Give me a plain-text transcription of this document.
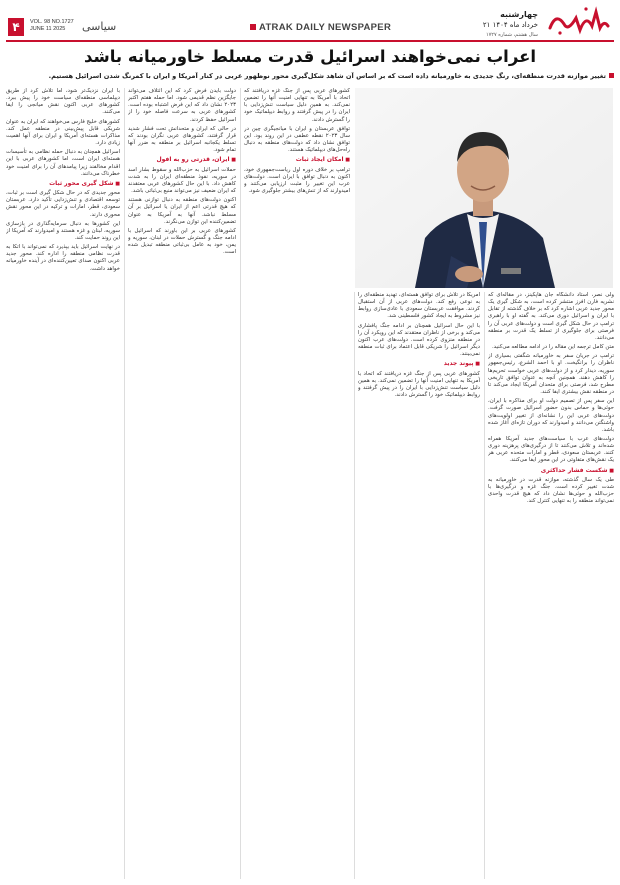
۴	VOL. 98 NO.1727
JUNE 11 2025	سیاسی	ATRAK DAILY NEWSPAPER
چهارشنبه
۲۱ خرداد ماه ۱۴۰۴
سال هشتم، شماره ۱۷۲۷
اعراب نمی‌خواهند اسرائیل قدرت مسلط خاورمیانه باشد
تغییر موازنه قدرت منطقه‌ای، رنگ جدیدی به خاورمیانه داده است که بر اساس آن شاهد شکل‌گیری محور نوظهور عربی در کنار آمریکا و ایران با کمرنگ شدن اسرائیل هستیم.

با ایران نزدیک‌تر شود، اما تلاش کرد از طریق دیپلماسی منطقه‌ای سیاست خود را پیش ببرد. کشورهای عربی اکنون نقش میانجی را ایفا می‌کنند.

کشورهای خلیج فارس می‌خواهند که ایران به عنوان شریکی قابل پیش‌بینی در منطقه عمل کند. مذاکرات هسته‌ای آمریکا و ایران برای آنها اهمیت زیادی دارد.

اسرائیل همچنان به دنبال حمله نظامی به تأسیسات هسته‌ای ایران است، اما کشورهای عربی با این اقدام مخالفند زیرا پیامدهای آن را برای امنیت خود خطرناک می‌دانند.

■ شکل گیری محور ثبات

محور جدیدی که در حال شکل گیری است بر ثبات، توسعه اقتصادی و تنش‌زدایی تأکید دارد. عربستان سعودی، قطر، امارات و ترکیه در این محور نقش محوری دارند.

این کشورها به دنبال سرمایه‌گذاری در بازسازی سوریه، لبنان و غزه هستند و امیدوارند که آمریکا از این روند حمایت کند.

در نهایت اسرائیل باید بپذیرد که نمی‌تواند با اتکا به قدرت نظامی منطقه را اداره کند. محور جدید عربی اکنون صدای تعیین‌کننده‌ای در آینده خاورمیانه خواهد داشت.

دولت بایدن فرض کرد که این ائتلاف می‌تواند جایگزین نظم قدیمی شود. اما حمله هفتم اکتبر ۲۰۲۳ نشان داد که این فرض اشتباه بوده است. کشورهای عربی به سرعت فاصله خود را از اسرائیل حفظ کردند.

در حالی که ایران و متحدانش تحت فشار شدید قرار گرفتند، کشورهای عربی نگران بودند که تسلط یکجانبه اسرائیل بر منطقه به ضرر آنها تمام شود.

■ ایران، قدرتی رو به افول

حملات اسرائیل به حزب‌الله و سقوط بشار اسد در سوریه، نفوذ منطقه‌ای ایران را به شدت کاهش داد. با این حال کشورهای عربی معتقدند که ایران ضعیف نیز می‌تواند منبع بی‌ثباتی باشد.

اکنون دولت‌های منطقه به دنبال توازنی هستند که هیچ قدرتی اعم از ایران یا اسرائیل بر آن مسلط نباشد. آنها به آمریکا به عنوان تضمین‌کننده این توازن می‌نگرند.

کشورهای عربی بر این باورند که اسرائیل با ادامه جنگ و گسترش حملات در لبنان، سوریه و یمن، خود به عامل بی‌ثباتی منطقه تبدیل شده است.

کشورهای عربی پس از جنگ غزه دریافتند که اتحاد با آمریکا به تنهایی امنیت آنها را تضمین نمی‌کند. به همین دلیل سیاست تنش‌زدایی با ایران را در پیش گرفتند و روابط دیپلماتیک خود را گسترش دادند.

توافق عربستان و ایران با میانجیگری چین در سال ۲۰۲۳ نقطه عطفی در این روند بود. این توافق نشان داد که دولت‌های منطقه به دنبال راه‌حل‌های دیپلماتیک هستند.

■ امکان ایجاد ثبات

ترامپ بر خلاف دوره اول ریاست‌جمهوری خود، اکنون به دنبال توافق با ایران است. دولت‌های عرب این تغییر را مثبت ارزیابی می‌کنند و امیدوارند که از تنش‌های بیشتر جلوگیری شود.

آمریکا در تلاش برای توافق هسته‌ای، تهدید منطقه‌ای را به نوعی رفع کند. دولت‌های عربی از آن استقبال کردند. موافقت عربستان سعودی با عادی‌سازی روابط نیز مشروط به ایجاد کشور فلسطینی شد.

با این حال اسرائیل همچنان بر ادامه جنگ پافشاری می‌کند و برخی از ناظران معتقدند که این رویکرد آن را در منطقه منزوی کرده است. دولت‌های عرب اکنون دیگر اسرائیل را شریکی قابل اعتماد برای ثبات منطقه نمی‌بینند.

■ پیوند جدید

کشورهای عربی پس از جنگ غزه دریافتند که اتحاد با آمریکا به تنهایی امنیت آنها را تضمین نمی‌کند. به همین دلیل سیاست تنش‌زدایی با ایران را در پیش گرفتند و روابط دیپلماتیک خود را گسترش دادند.

ولی نصر، استاد دانشگاه جان هاپکینز، در مقاله‌ای که نشریه فارن افرز منتشر کرده است، به شکل گیری یک محور جدید عربی اشاره کرد که بر خلاف گذشته از تقابل با ایران و اسرائیل دوری می‌کند. به گفته او با راهبری ترامپ در حال شکل گیری است و دولت‌های عربی آن را فرصتی برای جلوگیری از تسلط یک قدرت بر منطقه می‌دانند.

متن کامل ترجمه این مقاله را در ادامه مطالعه می‌کنید.

ترامپ در جریان سفر به خاورمیانه شگفتی بسیاری از ناظران را برانگیخت. او با احمد الشرع، رئیس‌جمهور سوریه، دیدار کرد و از دولت‌های عربی خواست تحریم‌ها را کاهش دهند. همچنین آنچه به عنوان توافق تاریخی مطرح شد، فرصتی برای متحدان آمریکا ایجاد می‌کند تا در منطقه نقش بیشتری ایفا کنند.

این سفر پس از تصمیم دولت او برای مذاکره با ایران، حوثی‌ها و حماس بدون حضور اسرائیل صورت گرفت. دولت‌های عربی این را نشانه‌ای از تغییر اولویت‌های واشنگتن می‌دانند و امیدوارند که دوران تازه‌ای آغاز شده باشد.

دولت‌های عرب با سیاست‌های جدید آمریکا همراه شده‌اند و تلاش می‌کنند تا از درگیری‌های پرهزینه دوری کنند. عربستان سعودی، قطر و امارات متحده عربی هر یک نقش‌های متفاوتی در این محور ایفا می‌کنند.

■ شکست فشار حداکثری

طی یک سال گذشته، موازنه قدرت در خاورمیانه به شدت تغییر کرده است. جنگ غزه و درگیری‌ها با حزب‌الله و حوثی‌ها نشان داد که هیچ قدرت واحدی نمی‌تواند منطقه را به تنهایی کنترل کند.
